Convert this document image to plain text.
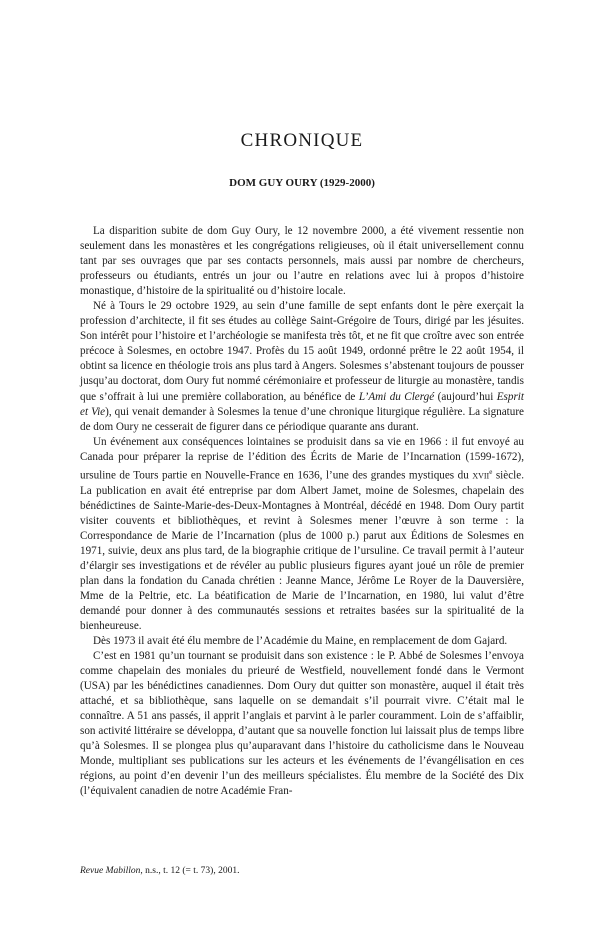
CHRONIQUE
DOM GUY OURY (1929-2000)

La disparition subite de dom Guy Oury, le 12 novembre 2000, a été vivement ressentie non seulement dans les monastères et les congrégations religieuses, où il était universellement connu tant par ses ouvrages que par ses contacts personnels, mais aussi par nombre de chercheurs, professeurs ou étudiants, entrés un jour ou l’autre en relations avec lui à propos d’histoire monastique, d’histoire de la spiritualité ou d’histoire locale.

Né à Tours le 29 octobre 1929, au sein d’une famille de sept enfants dont le père exerçait la profession d’architecte, il fit ses études au collège Saint-Grégoire de Tours, dirigé par les jésuites. Son intérêt pour l’histoire et l’archéologie se manifesta très tôt, et ne fit que croître avec son entrée précoce à Solesmes, en octobre 1947. Profès du 15 août 1949, ordonné prêtre le 22 août 1954, il obtint sa licence en théologie trois ans plus tard à Angers. Solesmes s’abstenant toujours de pousser jusqu’au doctorat, dom Oury fut nommé cérémoniaire et professeur de liturgie au monastère, tandis que s’offrait à lui une première collaboration, au bénéfice de L’Ami du Clergé (aujourd’hui Esprit et Vie), qui venait demander à Solesmes la tenue d’une chronique liturgique régulière. La signature de dom Oury ne cesserait de figurer dans ce périodique quarante ans durant.

Un événement aux conséquences lointaines se produisit dans sa vie en 1966 : il fut envoyé au Canada pour préparer la reprise de l’édition des Écrits de Marie de l’Incarnation (1599-1672), ursuline de Tours partie en Nouvelle-France en 1636, l’une des grandes mystiques du xvii$^e$ siècle. La publication en avait été entreprise par dom Albert Jamet, moine de Solesmes, chapelain des bénédictines de Sainte-Marie-des-Deux-Montagnes à Montréal, décédé en 1948. Dom Oury partit visiter couvents et bibliothèques, et revint à Solesmes mener l’œuvre à son terme : la Correspondance de Marie de l’Incarnation (plus de 1000 p.) parut aux Éditions de Solesmes en 1971, suivie, deux ans plus tard, de la biographie critique de l’ursuline. Ce travail permit à l’auteur d’élargir ses investigations et de révéler au public plusieurs figures ayant joué un rôle de premier plan dans la fondation du Canada chrétien : Jeanne Mance, Jérôme Le Royer de la Dauversière, Mme de la Peltrie, etc. La béatification de Marie de l’Incarnation, en 1980, lui valut d’être demandé pour donner à des communautés sessions et retraites basées sur la spiritualité de la bienheureuse.

Dès 1973 il avait été élu membre de l’Académie du Maine, en remplacement de dom Gajard.

C’est en 1981 qu’un tournant se produisit dans son existence : le P. Abbé de Solesmes l’envoya comme chapelain des moniales du prieuré de Westfield, nouvellement fondé dans le Vermont (USA) par les bénédictines canadiennes. Dom Oury dut quitter son monastère, auquel il était très attaché, et sa bibliothèque, sans laquelle on se demandait s’il pourrait vivre. C’était mal le connaître. A 51 ans passés, il apprit l’anglais et parvint à le parler couramment. Loin de s’affaiblir, son activité littéraire se développa, d’autant que sa nouvelle fonction lui laissait plus de temps libre qu’à Solesmes. Il se plongea plus qu’auparavant dans l’histoire du catholicisme dans le Nouveau Monde, multipliant ses publications sur les acteurs et les événements de l’évangélisation en ces régions, au point d’en devenir l’un des meilleurs spécialistes. Élu membre de la Société des Dix (l’équivalent canadien de notre Académie Fran-

Revue Mabillon, n.s., t. 12 (= t. 73), 2001.
